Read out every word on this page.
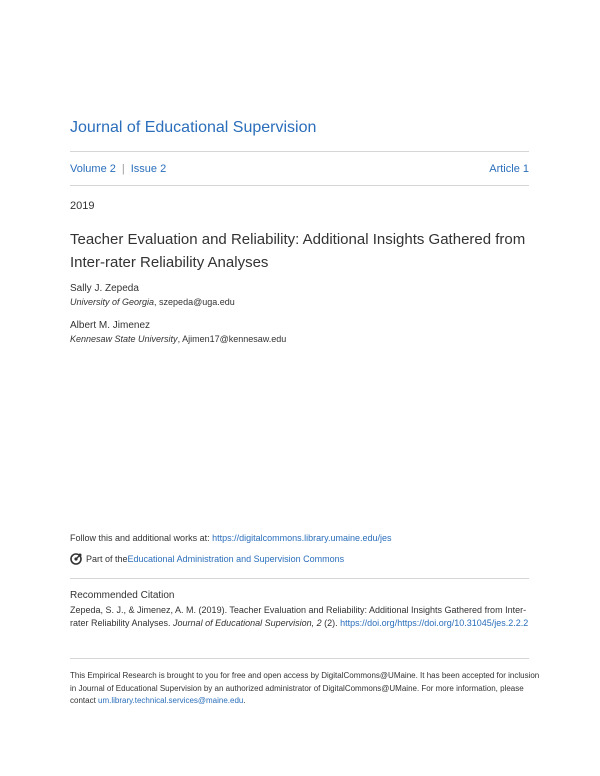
Journal of Educational Supervision
Volume 2 | Issue 2	Article 1
2019
Teacher Evaluation and Reliability: Additional Insights Gathered from Inter-rater Reliability Analyses
Sally J. Zepeda
University of Georgia, szepeda@uga.edu
Albert M. Jimenez
Kennesaw State University, Ajimen17@kennesaw.edu
Follow this and additional works at: https://digitalcommons.library.umaine.edu/jes
Part of the Educational Administration and Supervision Commons
Recommended Citation
Zepeda, S. J., & Jimenez, A. M. (2019). Teacher Evaluation and Reliability: Additional Insights Gathered from Inter-rater Reliability Analyses. Journal of Educational Supervision, 2 (2). https://doi.org/https://doi.org/10.31045/jes.2.2.2
This Empirical Research is brought to you for free and open access by DigitalCommons@UMaine. It has been accepted for inclusion in Journal of Educational Supervision by an authorized administrator of DigitalCommons@UMaine. For more information, please contact um.library.technical.services@maine.edu.
